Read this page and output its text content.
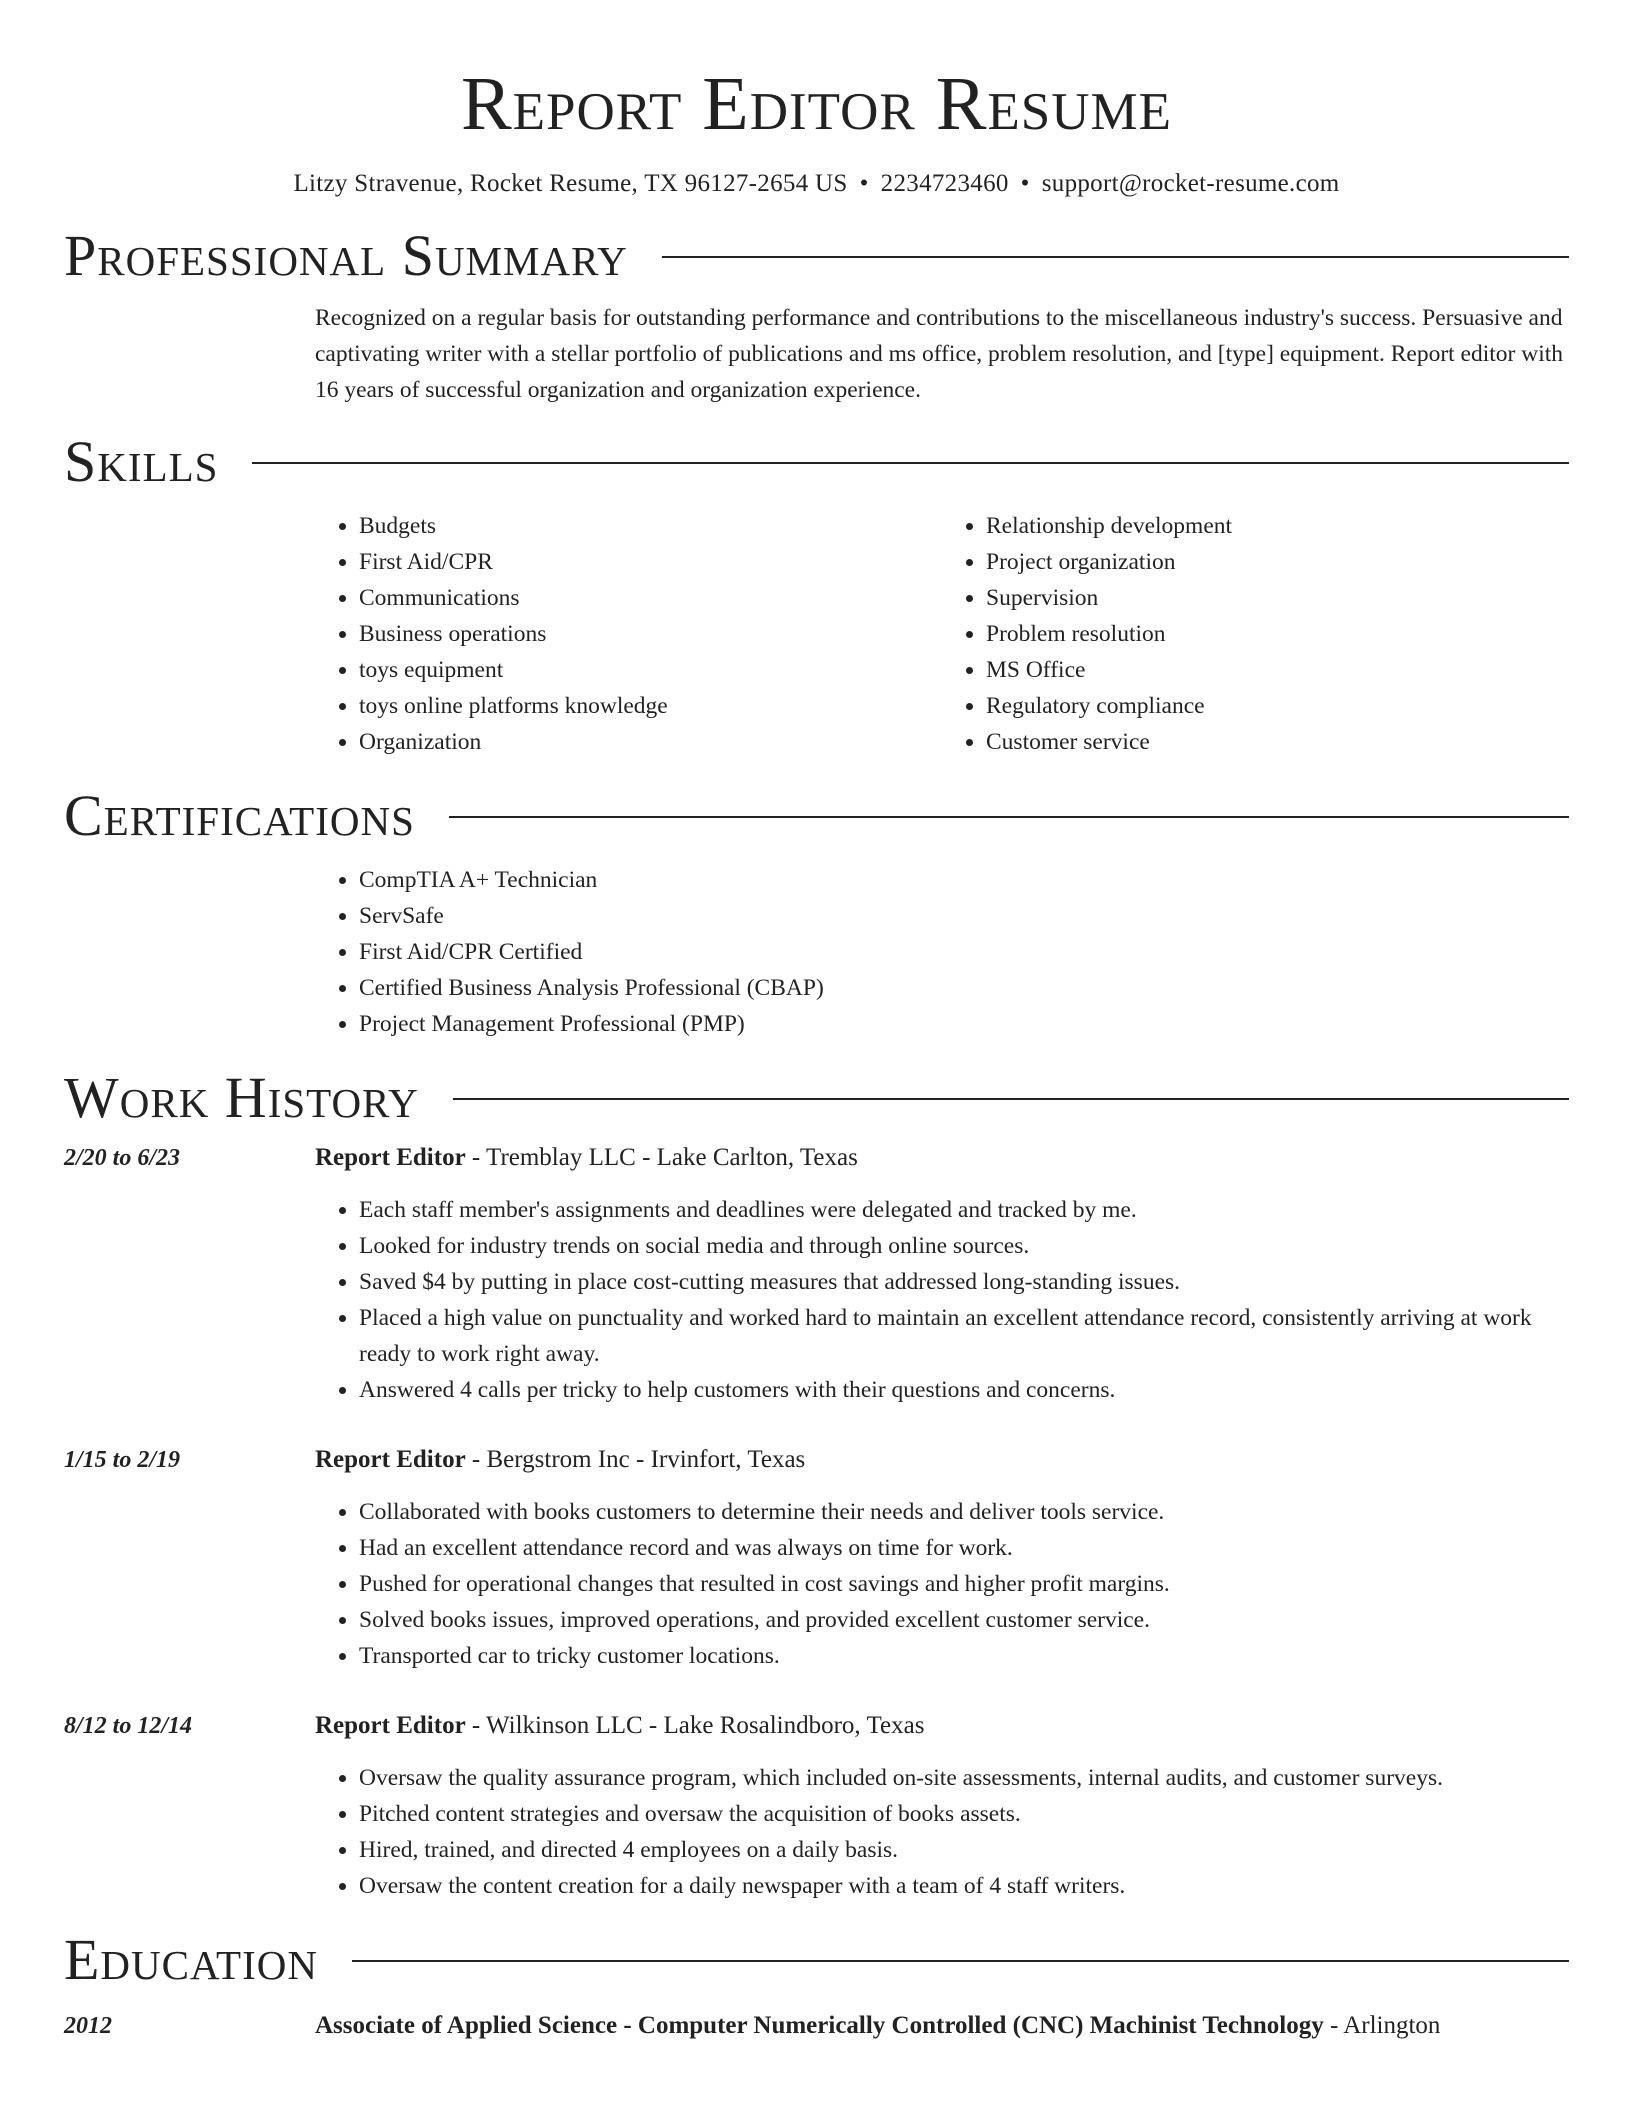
Report Editor Resume
Litzy Stravenue, Rocket Resume, TX 96127-2654 US • 2234723460 • support@rocket-resume.com
Professional Summary
Recognized on a regular basis for outstanding performance and contributions to the miscellaneous industry's success. Persuasive and captivating writer with a stellar portfolio of publications and ms office, problem resolution, and [type] equipment. Report editor with 16 years of successful organization and organization experience.
Skills
• Budgets
• First Aid/CPR
• Communications
• Business operations
• toys equipment
• toys online platforms knowledge
• Organization
• Relationship development
• Project organization
• Supervision
• Problem resolution
• MS Office
• Regulatory compliance
• Customer service
Certifications
• CompTIA A+ Technician
• ServSafe
• First Aid/CPR Certified
• Certified Business Analysis Professional (CBAP)
• Project Management Professional (PMP)
Work History
2/20 to 6/23	Report Editor - Tremblay LLC - Lake Carlton, Texas
• Each staff member's assignments and deadlines were delegated and tracked by me.
• Looked for industry trends on social media and through online sources.
• Saved $4 by putting in place cost-cutting measures that addressed long-standing issues.
• Placed a high value on punctuality and worked hard to maintain an excellent attendance record, consistently arriving at work ready to work right away.
• Answered 4 calls per tricky to help customers with their questions and concerns.
1/15 to 2/19	Report Editor - Bergstrom Inc - Irvinfort, Texas
• Collaborated with books customers to determine their needs and deliver tools service.
• Had an excellent attendance record and was always on time for work.
• Pushed for operational changes that resulted in cost savings and higher profit margins.
• Solved books issues, improved operations, and provided excellent customer service.
• Transported car to tricky customer locations.
8/12 to 12/14	Report Editor - Wilkinson LLC - Lake Rosalindboro, Texas
• Oversaw the quality assurance program, which included on-site assessments, internal audits, and customer surveys.
• Pitched content strategies and oversaw the acquisition of books assets.
• Hired, trained, and directed 4 employees on a daily basis.
• Oversaw the content creation for a daily newspaper with a team of 4 staff writers.
Education
2012	Associate of Applied Science - Computer Numerically Controlled (CNC) Machinist Technology - Arlington
